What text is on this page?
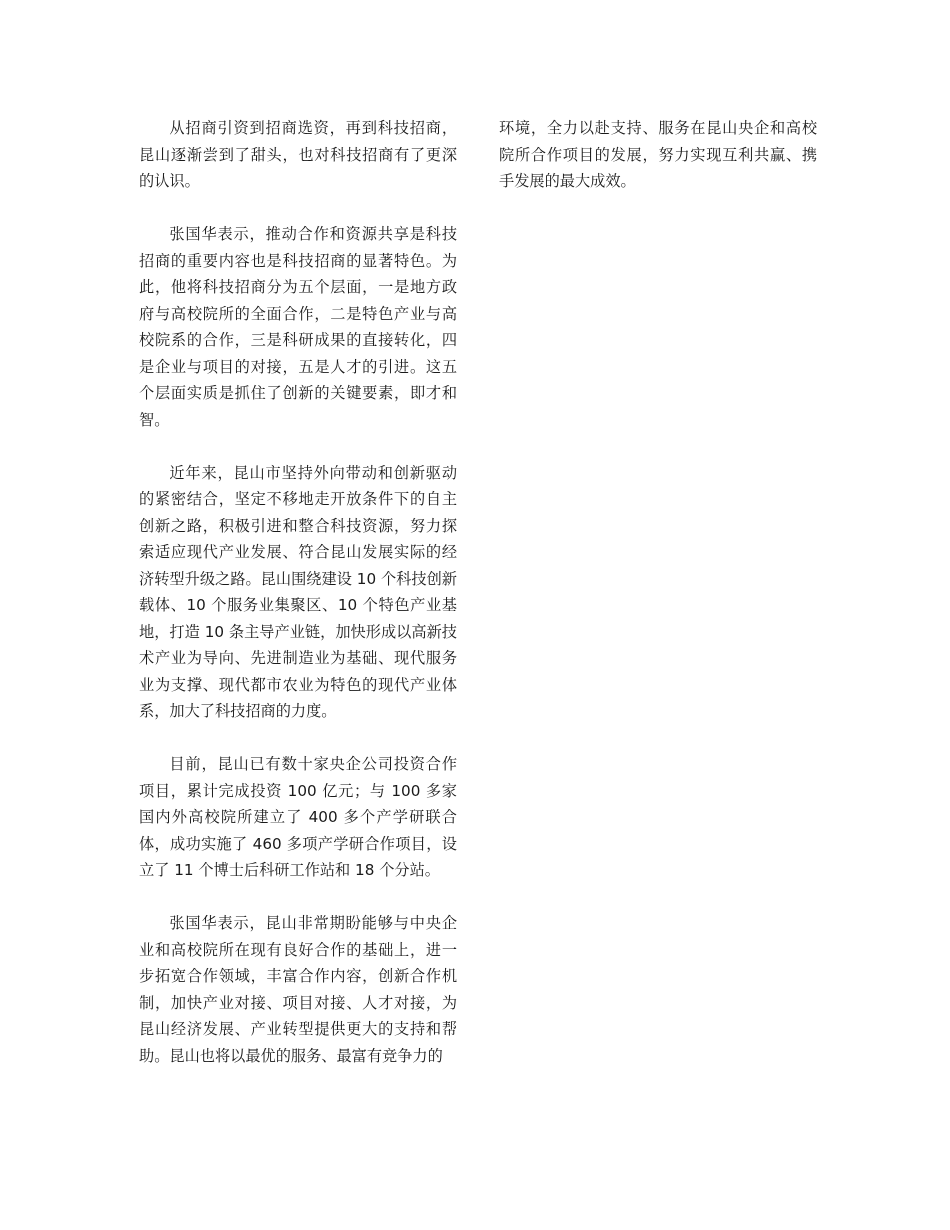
从招商引资到招商选资，再到科技招商，昆山逐渐尝到了甜头，也对科技招商有了更深的认识。

张国华表示，推动合作和资源共享是科技招商的重要内容也是科技招商的显著特色。为此，他将科技招商分为五个层面，一是地方政府与高校院所的全面合作，二是特色产业与高校院系的合作，三是科研成果的直接转化，四是企业与项目的对接，五是人才的引进。这五个层面实质是抓住了创新的关键要素，即才和智。

近年来，昆山市坚持外向带动和创新驱动的紧密结合，坚定不移地走开放条件下的自主创新之路，积极引进和整合科技资源，努力探索适应现代产业发展、符合昆山发展实际的经济转型升级之路。昆山围绕建设 10 个科技创新载体、10 个服务业集聚区、10 个特色产业基地，打造 10 条主导产业链，加快形成以高新技术产业为导向、先进制造业为基础、现代服务业为支撑、现代都市农业为特色的现代产业体系，加大了科技招商的力度。

目前，昆山已有数十家央企公司投资合作项目，累计完成投资 100 亿元；与 100 多家国内外高校院所建立了 400 多个产学研联合体，成功实施了 460 多项产学研合作项目，设立了 11 个博士后科研工作站和 18 个分站。

张国华表示，昆山非常期盼能够与中央企业和高校院所在现有良好合作的基础上，进一步拓宽合作领域，丰富合作内容，创新合作机制，加快产业对接、项目对接、人才对接，为昆山经济发展、产业转型提供更大的支持和帮助。昆山也将以最优的服务、最富有竞争力的

环境，全力以赴支持、服务在昆山央企和高校院所合作项目的发展，努力实现互利共赢、携手发展的最大成效。
